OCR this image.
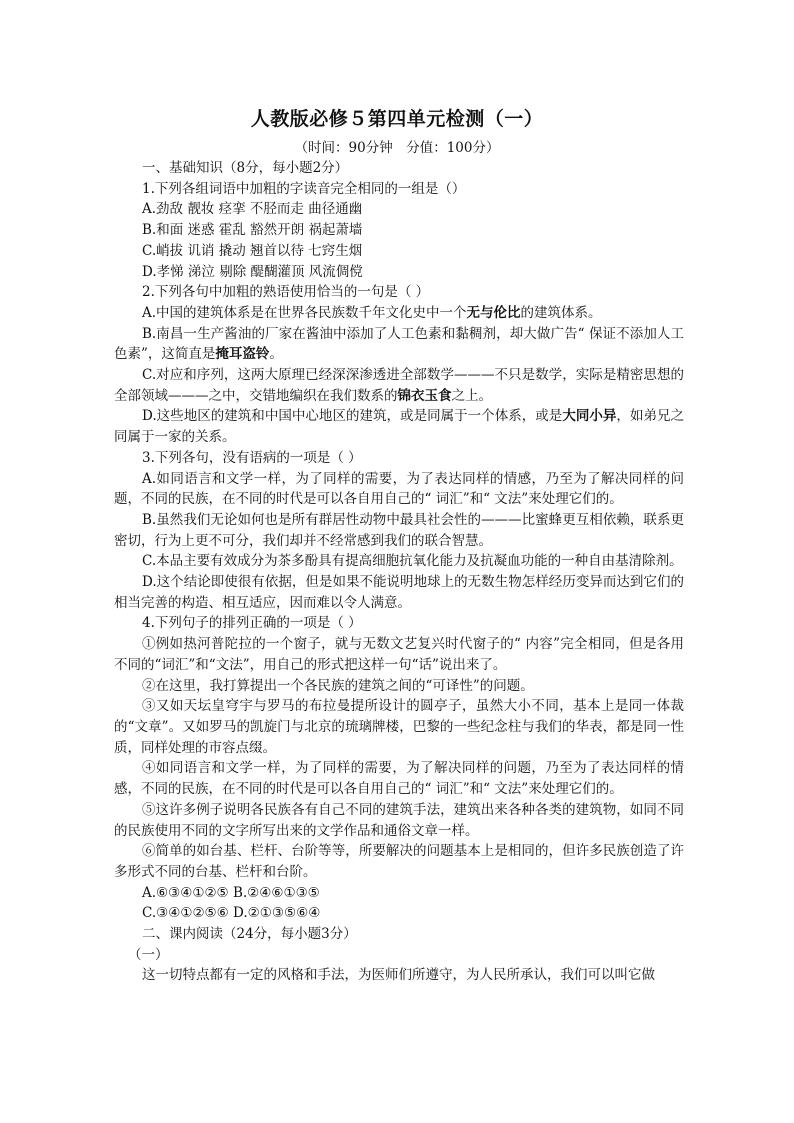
人教版必修５第四单元检测（一）
（时间：90分钟　分值：100分）

一、基础知识（8分，每小题2分）

1.下列各组词语中加粗的字读音完全相同的一组是（）

A.劲敌 靓妆 痉挛 不胫而走 曲径通幽

B.和面 迷惑 霍乱 豁然开朗 祸起萧墙

C.峭拔 讥诮 撬动 翘首以待 七窍生烟

D.孝悌 涕泣 剔除 醍醐灌顶 风流倜傥

2.下列各句中加粗的熟语使用恰当的一句是（ ）

A.中国的建筑体系是在世界各民族数千年文化史中一个无与伦比的建筑体系。

B.南昌一生产酱油的厂家在酱油中添加了人工色素和黏稠剂，却大做广告“ 保证不添加人工色素”，这简直是掩耳盗铃。

C.对应和序列，这两大原理已经深深渗透进全部数学———不只是数学，实际是精密思想的全部领域———之中，交错地编织在我们数系的锦衣玉食之上。

D.这些地区的建筑和中国中心地区的建筑，或是同属于一个体系，或是大同小异，如弟兄之同属于一家的关系。

3.下列各句，没有语病的一项是（ ）

A.如同语言和文学一样，为了同样的需要，为了表达同样的情感，乃至为了解决同样的问题，不同的民族，在不同的时代是可以各自用自己的“ 词汇”和“ 文法”来处理它们的。

B.虽然我们无论如何也是所有群居性动物中最具社会性的———比蜜蜂更互相依赖，联系更密切，行为上更不可分，我们却并不经常感到我们的联合智慧。

C.本品主要有效成分为茶多酚具有提高细胞抗氧化能力及抗凝血功能的一种自由基清除剂。

D.这个结论即使很有依据，但是如果不能说明地球上的无数生物怎样经历变异而达到它们的相当完善的构造、相互适应，因而难以令人满意。

4.下列句子的排列正确的一项是（ ）

①例如热河普陀拉的一个窗子，就与无数文艺复兴时代窗子的“ 内容”完全相同，但是各用不同的“词汇”和“文法”，用自己的形式把这样一句“话”说出来了。

②在这里，我打算提出一个各民族的建筑之间的“可译性”的问题。

③又如天坛皇穹宇与罗马的布拉曼提所设计的圆亭子，虽然大小不同，基本上是同一体裁的“文章”。又如罗马的凯旋门与北京的琉璃牌楼，巴黎的一些纪念柱与我们的华表，都是同一性质，同样处理的市容点缀。

④如同语言和文学一样，为了同样的需要，为了解决同样的问题，乃至为了表达同样的情感，不同的民族，在不同的时代是可以各自用自己的“ 词汇”和“ 文法”来处理它们的。

⑤这许多例子说明各民族各有自己不同的建筑手法，建筑出来各种各类的建筑物，如同不同的民族使用不同的文字所写出来的文学作品和通俗文章一样。

⑥简单的如台基、栏杆、台阶等等，所要解决的问题基本上是相同的，但许多民族创造了许多形式不同的台基、栏杆和台阶。

A.⑥③④①②⑤ B.②④⑥①③⑤

C.③④①②⑤⑥ D.②①③⑤⑥④

二、课内阅读（24分，每小题3分）

（一）

这一切特点都有一定的风格和手法，为医师们所遵守，为人民所承认，我们可以叫它做
